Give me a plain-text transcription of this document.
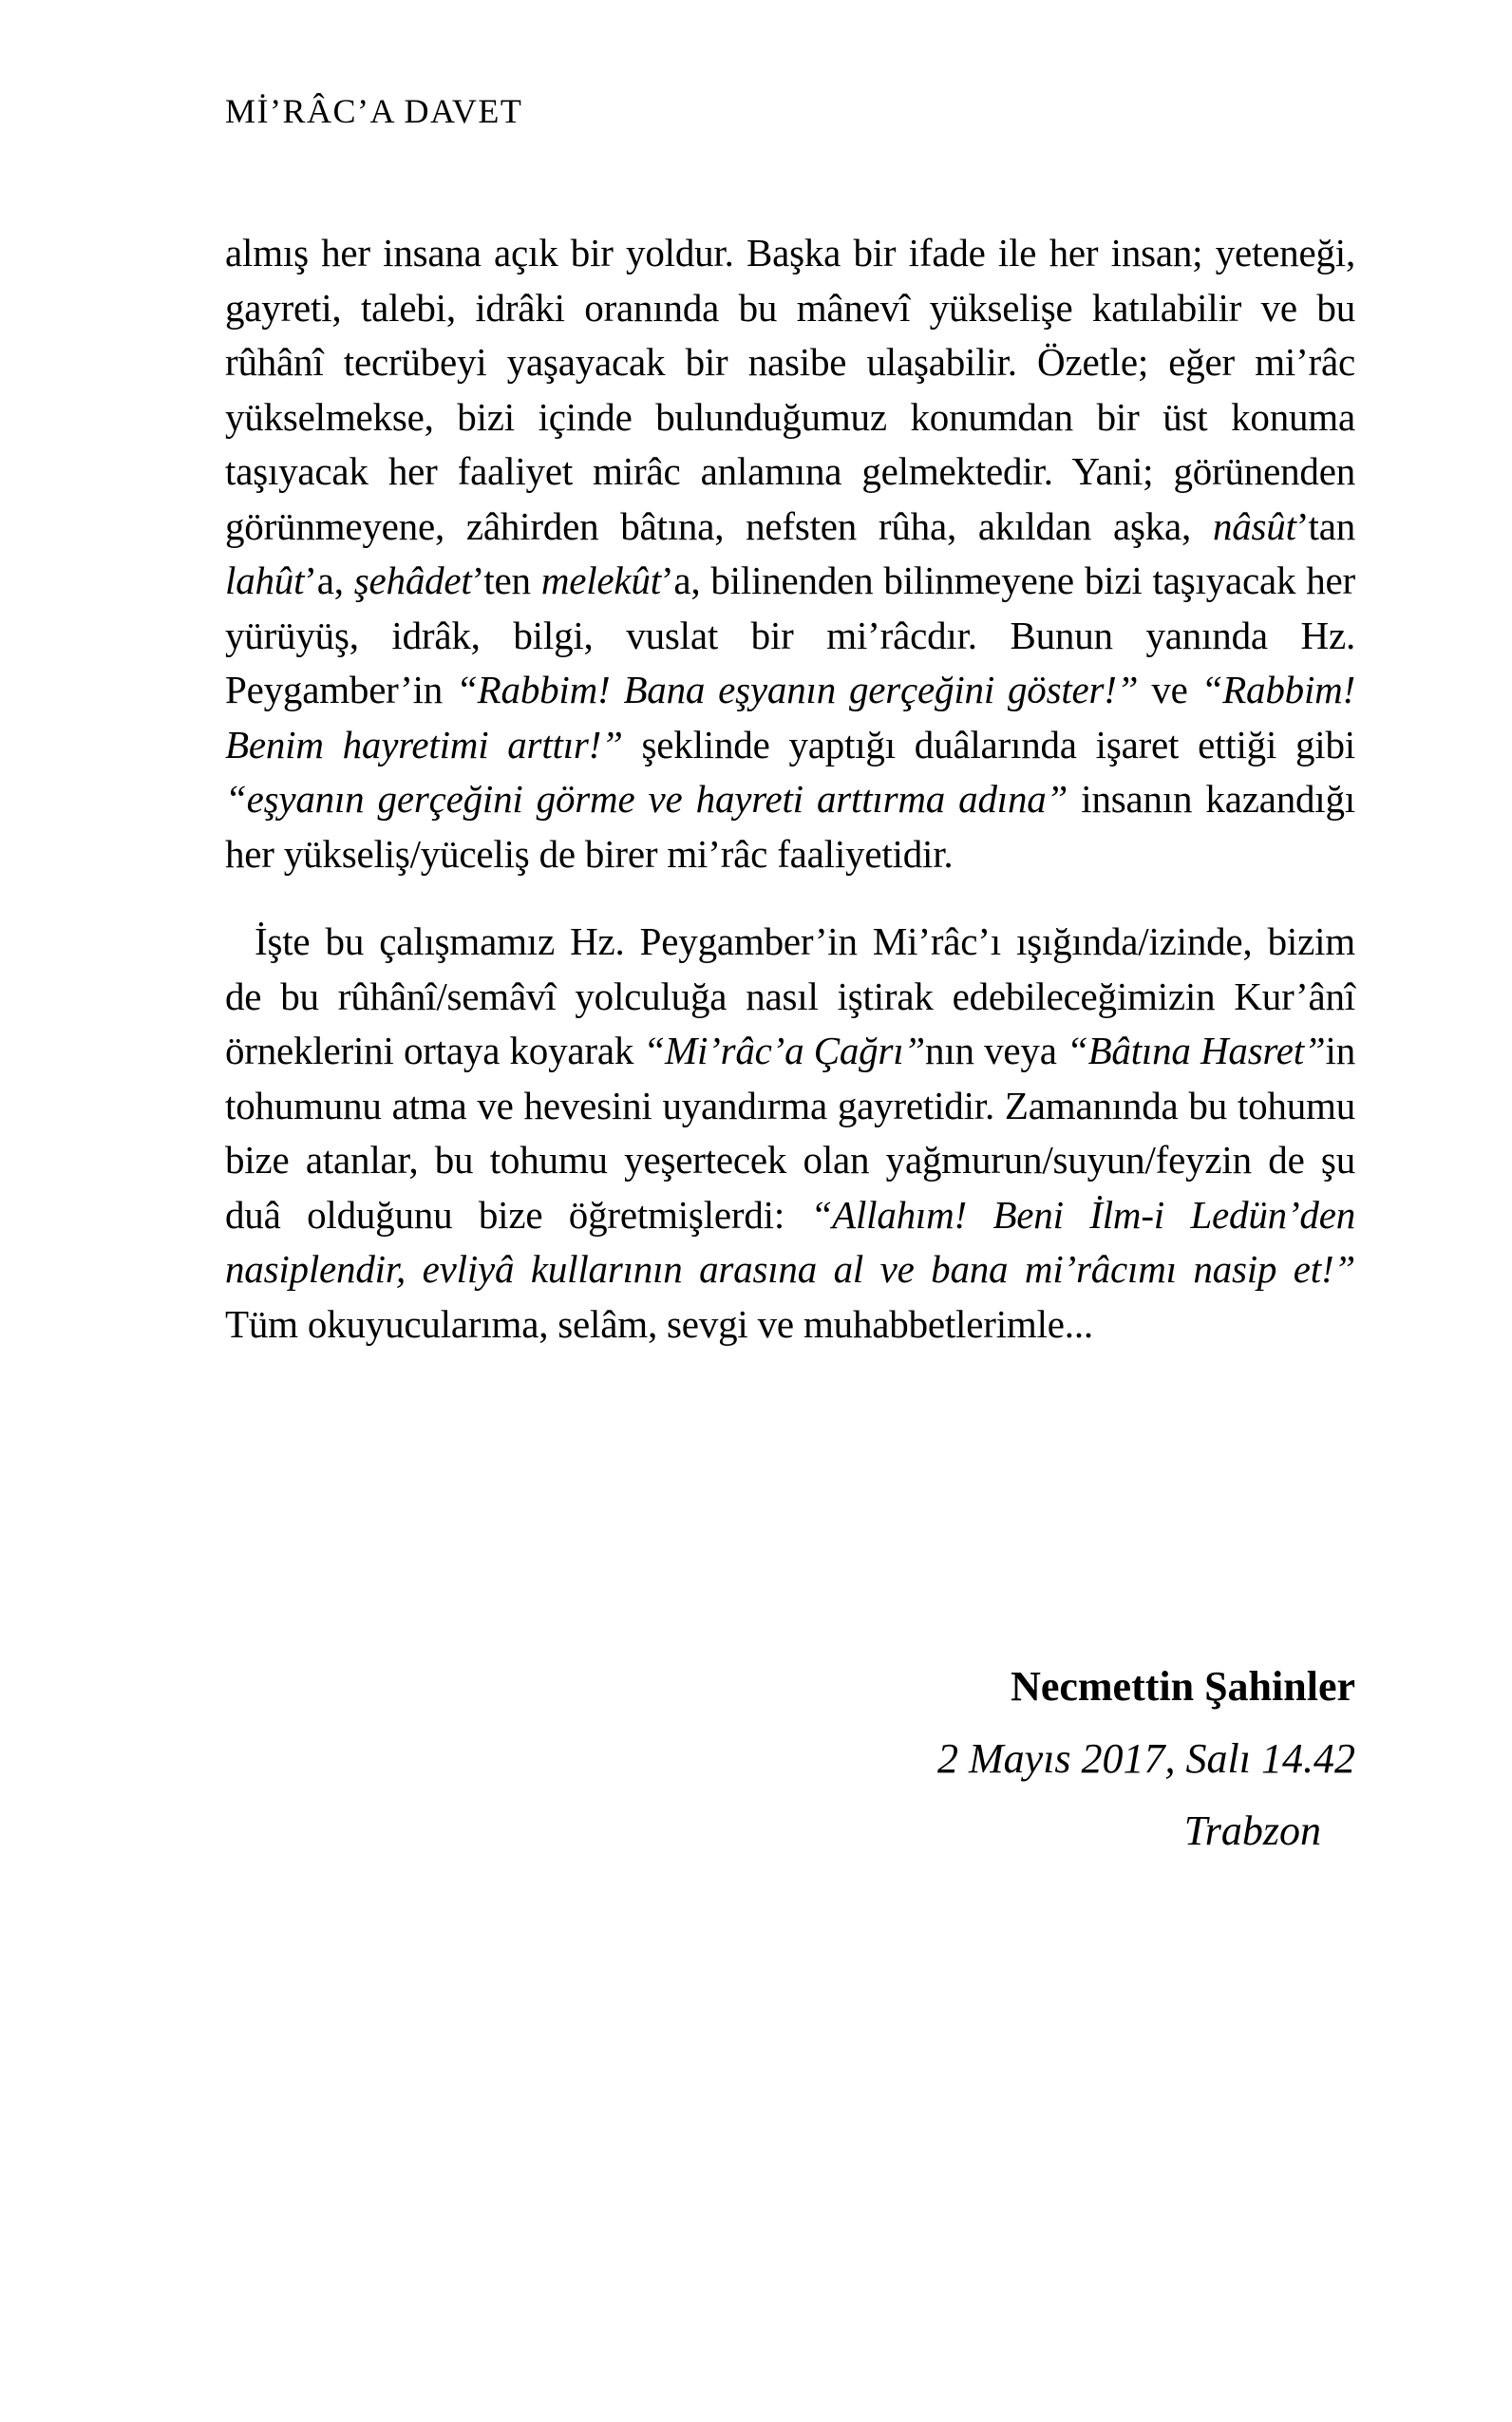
Mİ’RÂC’A DAVET

almış her insana açık bir yoldur. Başka bir ifade ile her insan; yeteneği, gayreti, talebi, idrâki oranında bu mânevî yükselişe katılabilir ve bu rûhânî tecrübeyi yaşayacak bir nasibe ulaşabilir. Özetle; eğer mi’râc yükselmekse, bizi içinde bulunduğumuz konumdan bir üst konuma taşıyacak her faaliyet mirâc anlamına gelmektedir. Yani; görünenden görünmeyene, zâhirden bâtına, nefsten rûha, akıldan aşka, nâsût’tan lahût’a, şehâdet’ten melekût’a, bilinenden bilinmeyene bizi taşıyacak her yürüyüş, idrâk, bilgi, vuslat bir mi’râcdır. Bunun yanında Hz. Peygamber’in “Rabbim! Bana eşyanın gerçeğini göster!” ve “Rabbim! Benim hayretimi arttır!” şeklinde yaptığı duâlarında işaret ettiği gibi “eşyanın gerçeğini görme ve hayreti arttırma adına” insanın kazandığı her yükseliş/yüceliş de birer mi’râc faaliyetidir.

İşte bu çalışmamız Hz. Peygamber’in Mi’râc’ı ışığında/izinde, bizim de bu rûhânî/semâvî yolculuğa nasıl iştirak edebileceğimizin Kur’ânî örneklerini ortaya koyarak “Mi’râc’a Çağrı”nın veya “Bâtına Hasret”in tohumunu atma ve hevesini uyandırma gayretidir. Zamanında bu tohumu bize atanlar, bu tohumu yeşertecek olan yağmurun/suyun/feyzin de şu duâ olduğunu bize öğretmişlerdi: “Allahım! Beni İlm-i Ledün’den nasiplendir, evliyâ kullarının arasına al ve bana mi’râcımı nasip et!” Tüm okuyucularıma, selâm, sevgi ve muhabbetlerimle...

Necmettin Şahinler
2 Mayıs 2017, Salı 14.42
Trabzon
